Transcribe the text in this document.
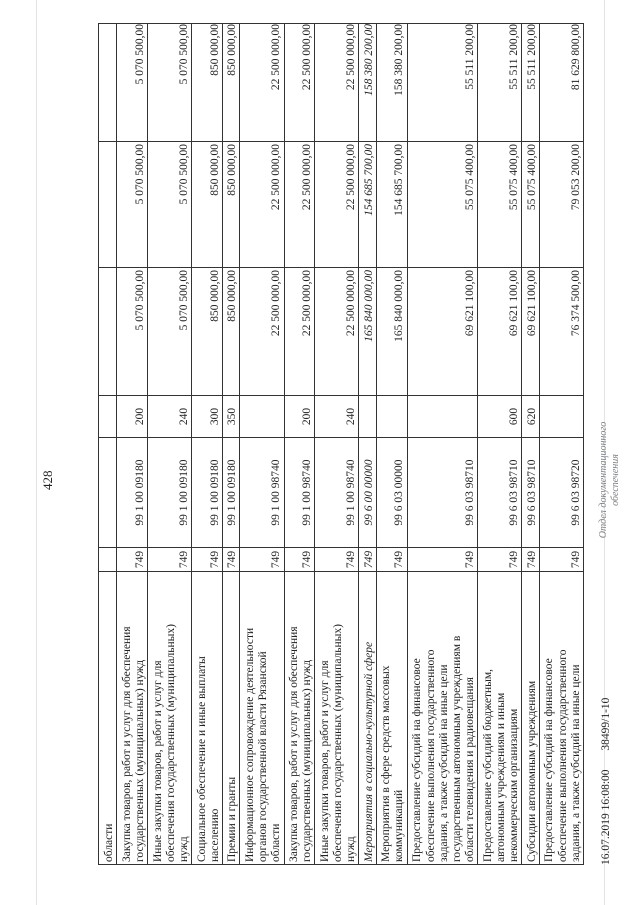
428
области Закупка товаров, работ и услуг для обеспечения государственных (муниципальных) нужд
749
99 1 00 09180
200
5 070 500,00
5 070 500,00
5 070 500,00
Иные закупки товаров, работ и услуг для обеспечения государственных (муниципальных) нужд
749
99 1 00 09180
240
5 070 500,00
5 070 500,00
5 070 500,00
Социальное обеспечение и иные выплаты населению
749
99 1 00 09180
300
850 000,00
850 000,00
850 000,00
Премии и гранты
749
99 1 00 09180
350
850 000,00
850 000,00
850 000,00
Информационное сопровождение деятельности органов государственной власти Рязанской области
749
99 1 00 98740
22 500 000,00
22 500 000,00
22 500 000,00
Закупка товаров, работ и услуг для обеспечения государственных (муниципальных) нужд
749
99 1 00 98740
200
22 500 000,00
22 500 000,00
22 500 000,00
Иные закупки товаров, работ и услуг для обеспечения государственных (муниципальных) нужд
749
99 1 00 98740
240
22 500 000,00
22 500 000,00
22 500 000,00
Мероприятия в социально-культурной сфере
749
99 6 00 00000
165 840 000,00
154 685 700,00
158 380 200,00
Мероприятия в сфере средств массовых коммуникаций
749
99 6 03 00000
165 840 000,00
154 685 700,00
158 380 200,00
Предоставление субсидий на финансовое обеспечение выполнения государственного задания, а также субсидий на иные цели государственным автономным учреждениям в области телевидения и радиовещания
749
99 6 03 98710
69 621 100,00
55 075 400,00
55 511 200,00
Предоставление субсидий бюджетным, автономным учреждениям и иным некоммерческим организациям
749
99 6 03 98710
600
69 621 100,00
55 075 400,00
55 511 200,00
Субсидии автономным учреждениям
749
99 6 03 98710
620
69 621 100,00
55 075 400,00
55 511 200,00
Предоставление субсидий на финансовое обеспечение выполнения государственного задания, а также субсидий на иные цели
749
99 6 03 98720
76 374 500,00
79 053 200,00
81 629 800,00
16.07.2019 16:08:00 38499/1-10
Отдел документационного обеспечения
